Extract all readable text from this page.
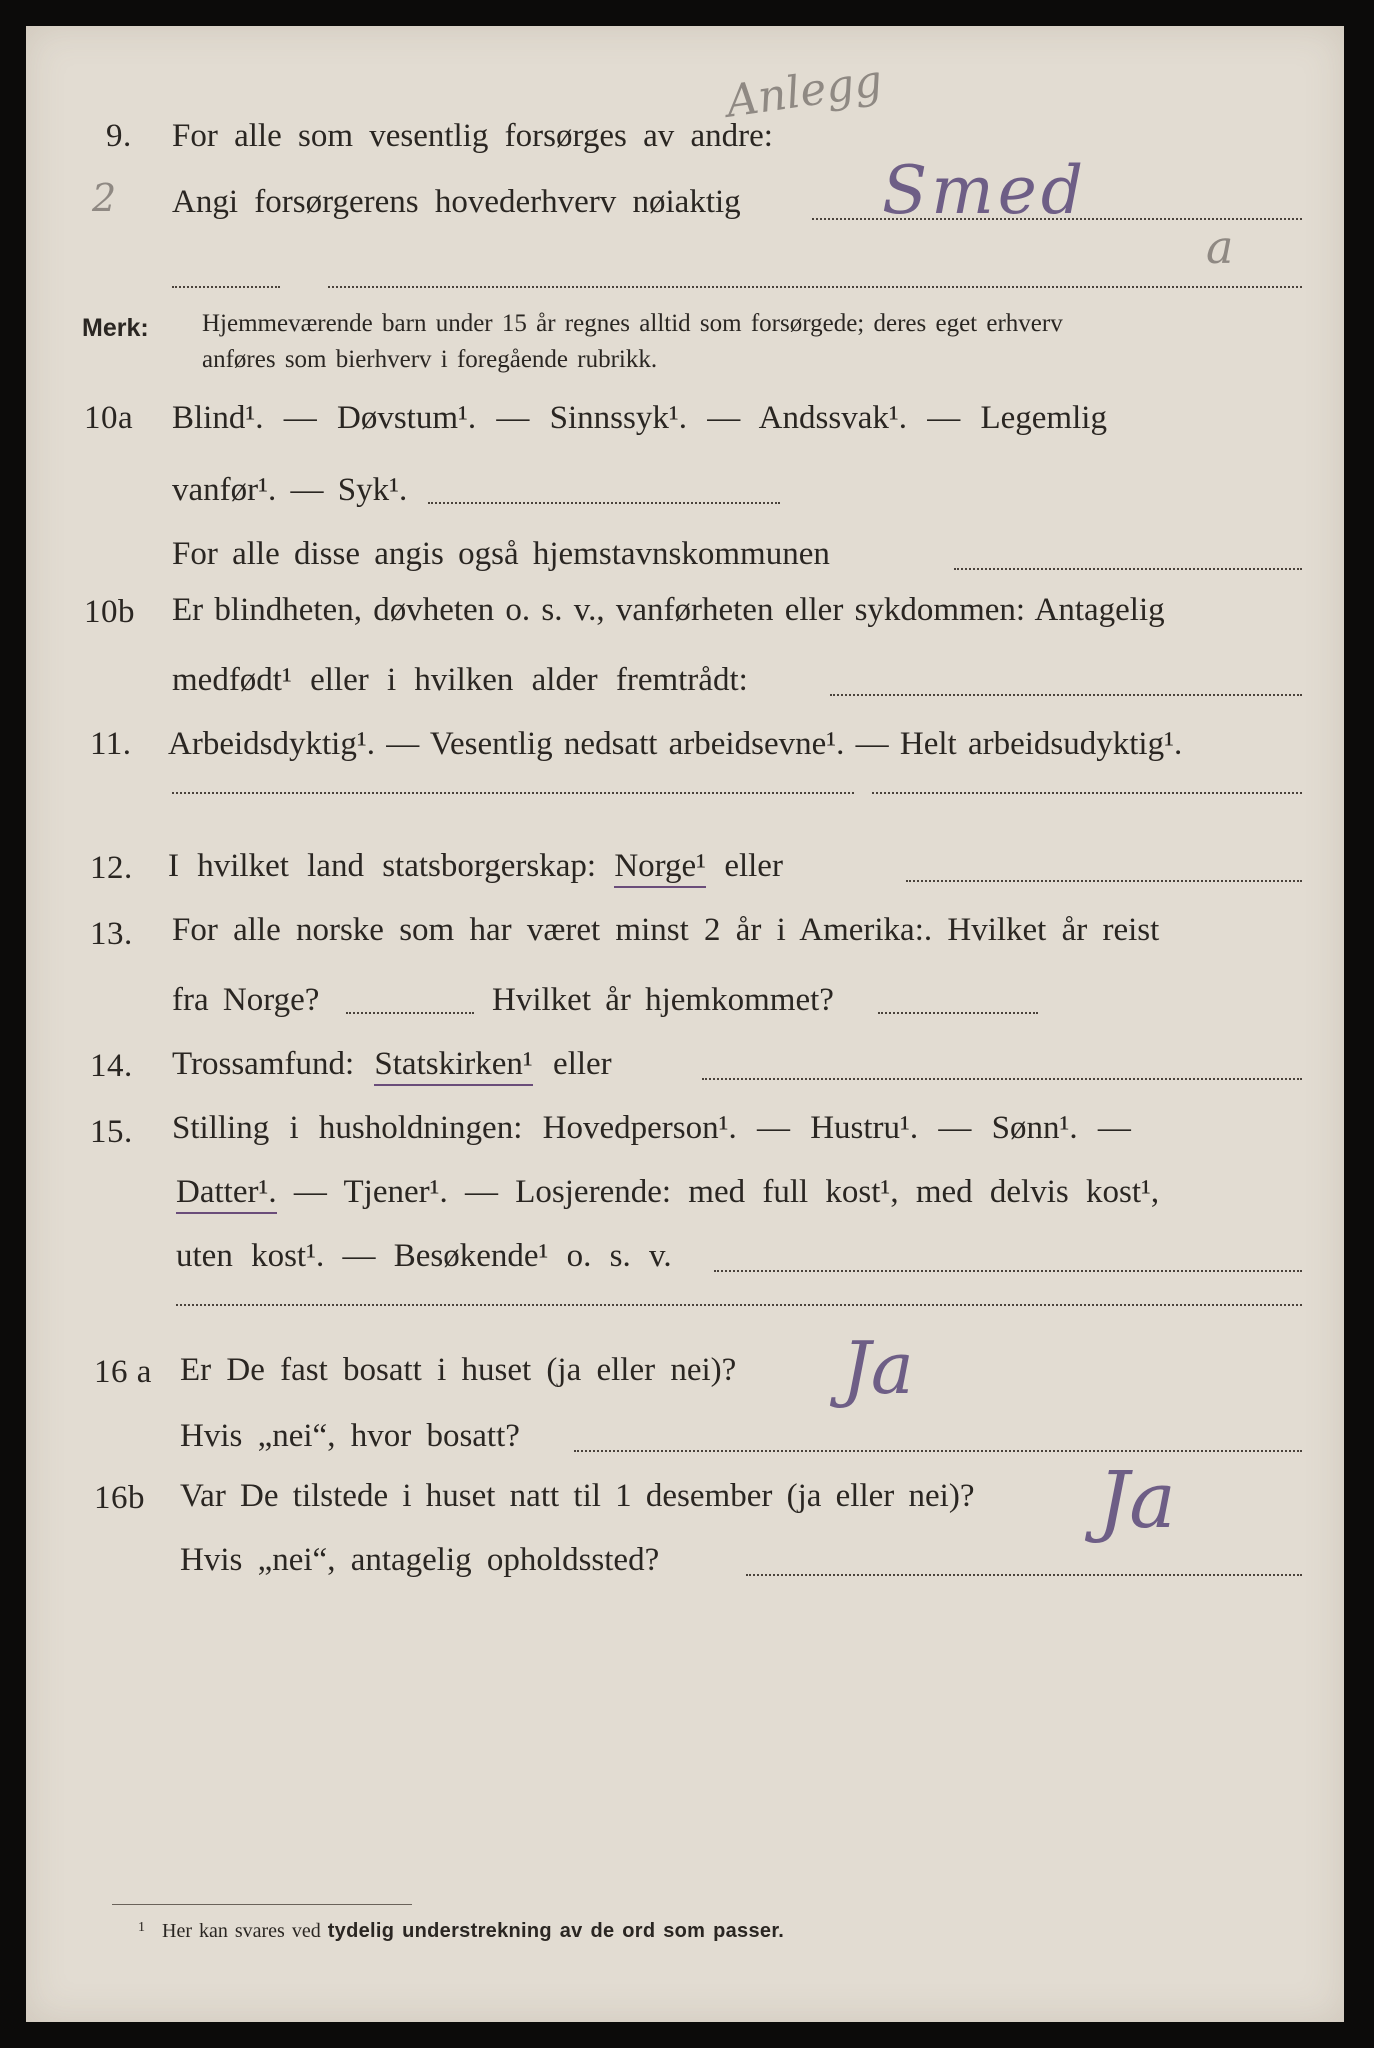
Anlegg
9. For alle som vesentlig forsørges av andre:
2 Angi forsørgerens hovederhverv nøiaktig Smed
a
Merk: Hjemmeværende barn under 15 år regnes alltid som forsørgede; deres eget erhverv
anføres som bierhverv i foregående rubrikk.
10a Blind¹. — Døvstum¹. — Sinnssyk¹. — Andssvak¹. — Legemlig
vanfør¹. — Syk¹.
For alle disse angis også hjemstavnskommunen
10b Er blindheten, døvheten o. s. v., vanførheten eller sykdommen: Antagelig
medfødt¹ eller i hvilken alder fremtrådt:
11. Arbeidsdyktig¹. — Vesentlig nedsatt arbeidsevne¹. — Helt arbeidsudyktig¹.
12. I hvilket land statsborgerskap: Norge¹ eller
13. For alle norske som har været minst 2 år i Amerika:. Hvilket år reist
fra Norge?	Hvilket år hjemkommet?
14. Trossamfund: Statskirken¹ eller
15. Stilling i husholdningen: Hovedperson¹. — Hustru¹. — Sønn¹. —
Datter¹. — Tjener¹. — Losjerende: med full kost¹, med delvis kost¹,
uten kost¹. — Besøkende¹ o. s. v.
16 a Er De fast bosatt i huset (ja eller nei)? Ja
Hvis „nei“, hvor bosatt?
16b Var De tilstede i huset natt til 1 desember (ja eller nei)? Ja
Hvis „nei“, antagelig opholdssted?
$^1$ Her kan svares ved tydelig understrekning av de ord som passer.
